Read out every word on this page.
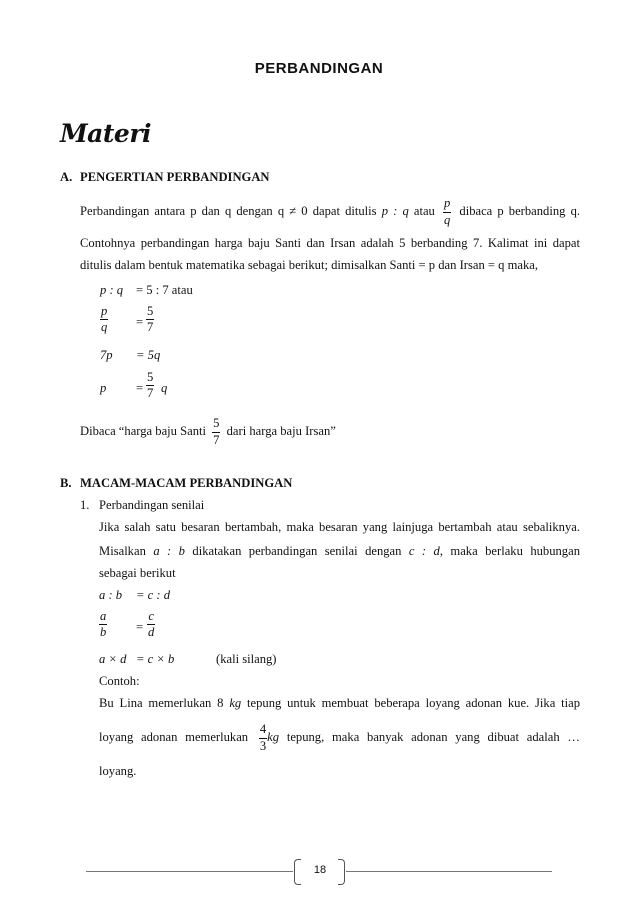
PERBANDINGAN
Materi
A. PENGERTIAN PERBANDINGAN
Perbandingan antara p dan q dengan q ≠ 0 dapat ditulis p : q atau $\frac{p}{q}$ dibaca p berbanding q.
Contohnya perbandingan harga baju Santi dan Irsan adalah 5 berbanding 7. Kalimat ini dapat
ditulis dalam bentuk matematika sebagai berikut; dimisalkan Santi = p dan Irsan = q maka,
p : q = 5 : 7 atau
$\frac{p}{q} = \frac{5}{7}$
7p = 5q
$p = \frac{5}{7}$ q
Dibaca “harga baju Santi $\frac{5}{7}$ dari harga baju Irsan”
B. MACAM-MACAM PERBANDINGAN
1. Perbandingan senilai
Jika salah satu besaran bertambah, maka besaran yang lainjuga bertambah atau sebaliknya.
Misalkan a : b dikatakan perbandingan senilai dengan c : d, maka berlaku hubungan
sebagai berikut
a : b = c : d
$\frac{a}{b} = \frac{c}{d}$
a × d = c × b	(kali silang)
Contoh:
Bu Lina memerlukan 8 kg tepung untuk membuat beberapa loyang adonan kue. Jika tiap
loyang adonan memerlukan $\frac{4}{3}$ kg tepung, maka banyak adonan yang dibuat adalah …
loyang.
18
